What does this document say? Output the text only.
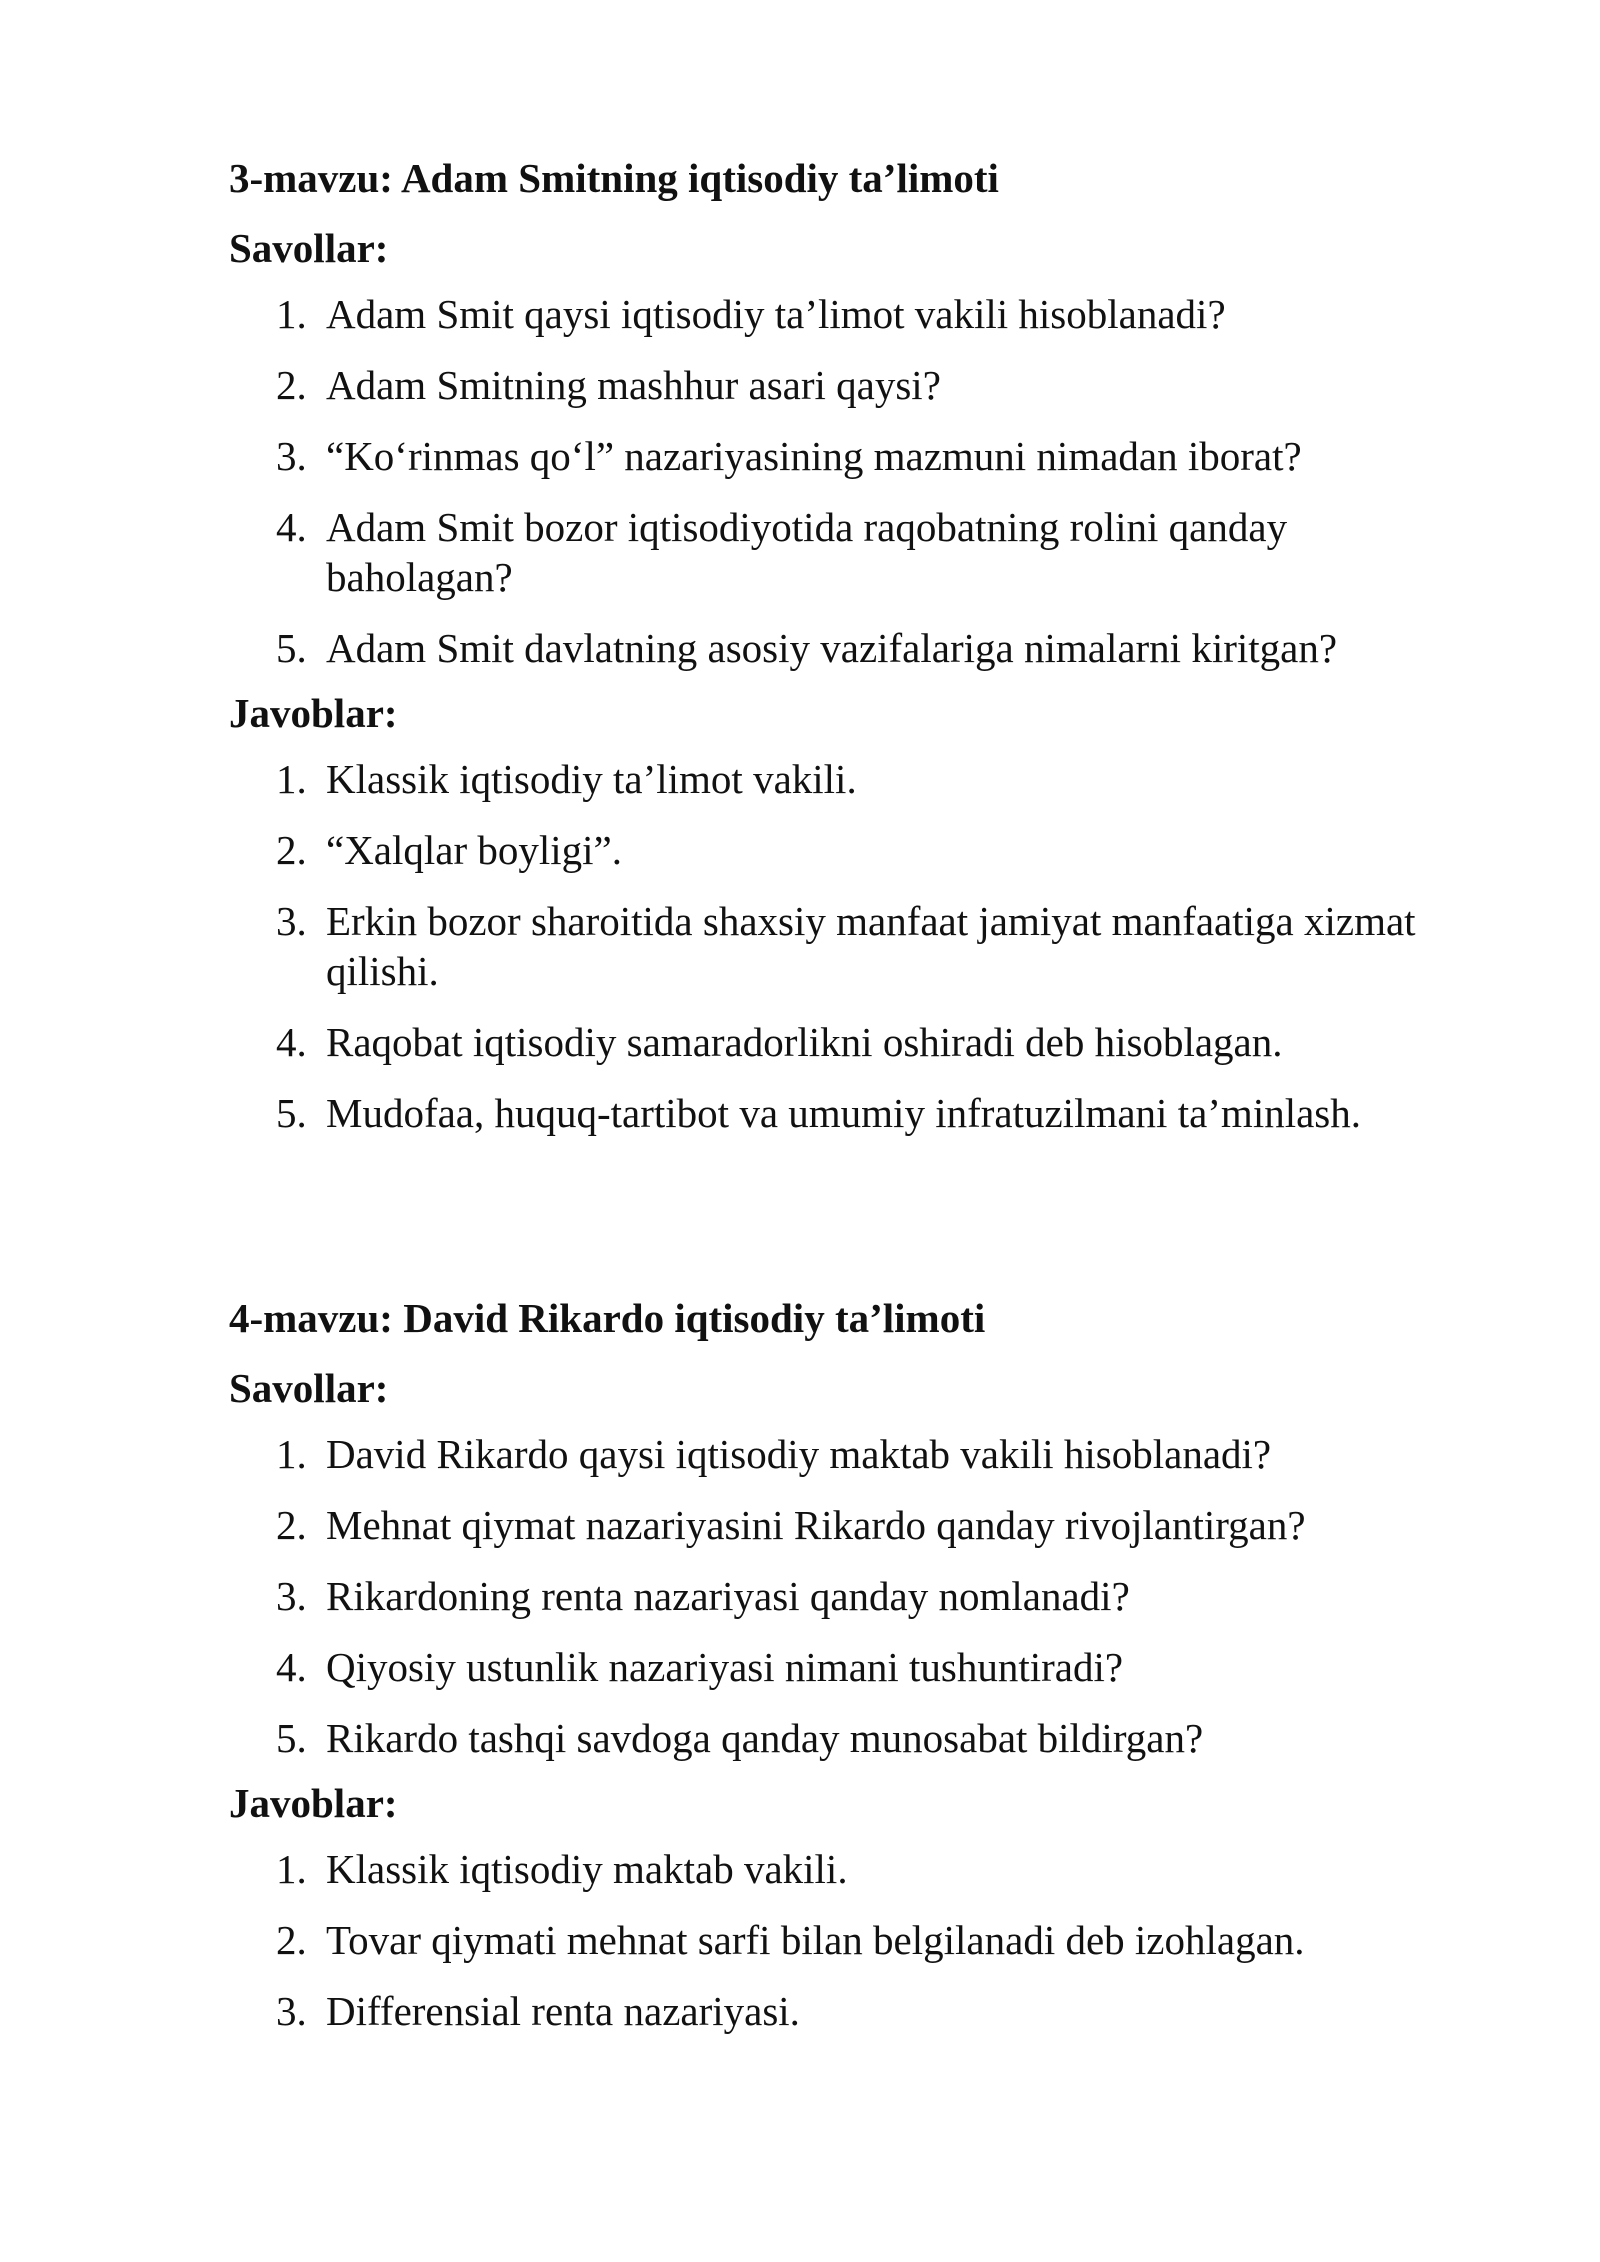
3-mavzu: Adam Smitning iqtisodiy ta’limoti
Savollar:
1. Adam Smit qaysi iqtisodiy ta’limot vakili hisoblanadi?
2. Adam Smitning mashhur asari qaysi?
3. “Ko‘rinmas qo‘l” nazariyasining mazmuni nimadan iborat?
4. Adam Smit bozor iqtisodiyotida raqobatning rolini qanday baholagan?
5. Adam Smit davlatning asosiy vazifalariga nimalarni kiritgan?
Javoblar:
1. Klassik iqtisodiy ta’limot vakili.
2. “Xalqlar boyligi”.
3. Erkin bozor sharoitida shaxsiy manfaat jamiyat manfaatiga xizmat qilishi.
4. Raqobat iqtisodiy samaradorlikni oshiradi deb hisoblagan.
5. Mudofaa, huquq-tartibot va umumiy infratuzilmani ta’minlash.
4-mavzu: David Rikardo iqtisodiy ta’limoti
Savollar:
1. David Rikardo qaysi iqtisodiy maktab vakili hisoblanadi?
2. Mehnat qiymat nazariyasini Rikardo qanday rivojlantirgan?
3. Rikardoning renta nazariyasi qanday nomlanadi?
4. Qiyosiy ustunlik nazariyasi nimani tushuntiradi?
5. Rikardo tashqi savdoga qanday munosabat bildirgan?
Javoblar:
1. Klassik iqtisodiy maktab vakili.
2. Tovar qiymati mehnat sarfi bilan belgilanadi deb izohlagan.
3. Differensial renta nazariyasi.
